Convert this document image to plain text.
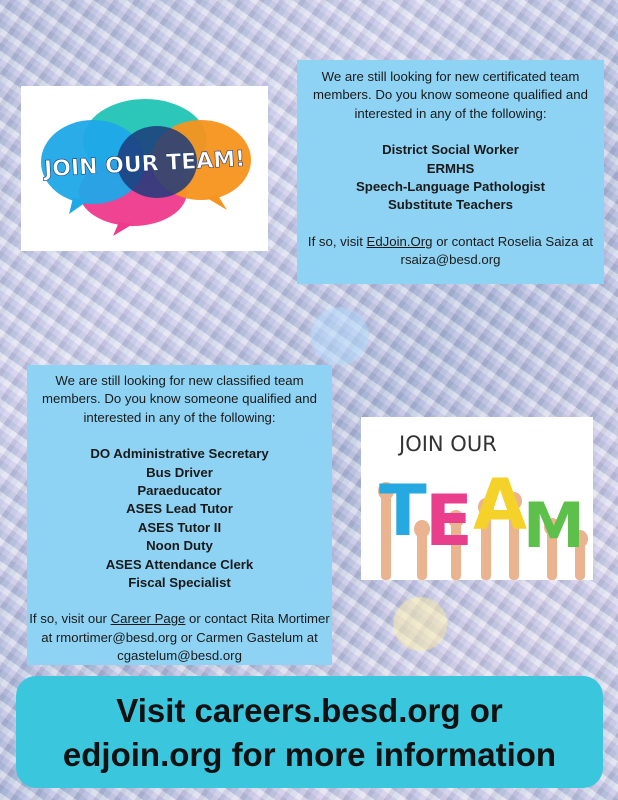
JOIN OUR TEAM!

We are still looking for new certificated team members. Do you know someone qualified and interested in any of the following:

District Social Worker
ERMHS
Speech-Language Pathologist
Substitute Teachers

If so, visit EdJoin.Org or contact Roselia Saiza at rsaiza@besd.org

We are still looking for new classified team members. Do you know someone qualified and interested in any of the following:

DO Administrative Secretary
Bus Driver
Paraeducator
ASES Lead Tutor
ASES Tutor II
Noon Duty
ASES Attendance Clerk
Fiscal Specialist

If so, visit our Career Page or contact Rita Mortimer at rmortimer@besd.org or Carmen Gastelum at cgastelum@besd.org

JOIN OUR
T
E A
M
Visit careers.besd.org or
edjoin.org for more information
